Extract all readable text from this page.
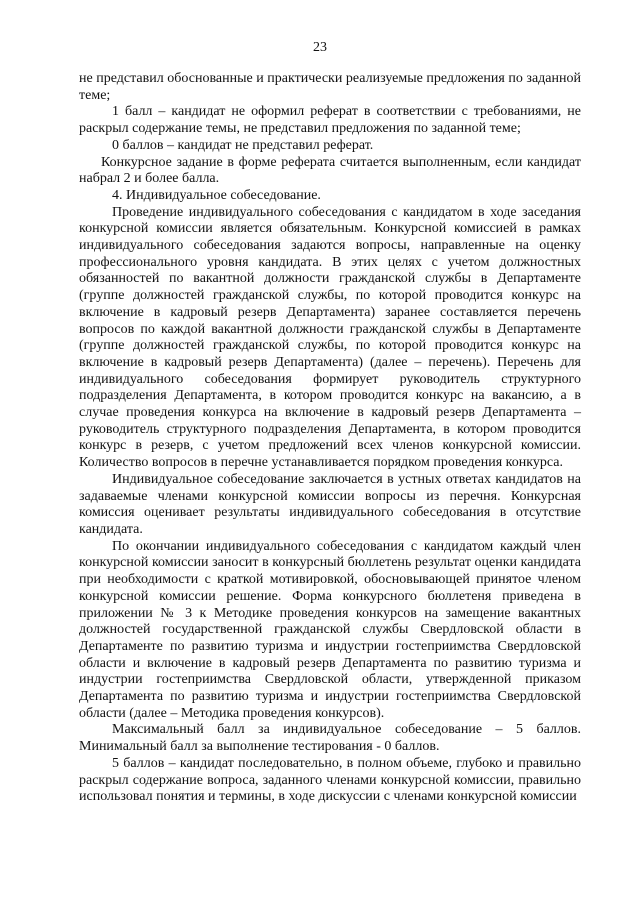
23

не представил обоснованные и практически реализуемые предложения по заданной теме;

1 балл – кандидат не оформил реферат в соответствии с требованиями, не раскрыл содержание темы, не представил предложения по заданной теме;

0 баллов – кандидат не представил реферат.

Конкурсное задание в форме реферата считается выполненным, если кандидат набрал 2 и более балла.

4. Индивидуальное собеседование.

Проведение индивидуального собеседования с кандидатом в ходе заседания конкурсной комиссии является обязательным. Конкурсной комиссией в рамках индивидуального собеседования задаются вопросы, направленные на оценку профессионального уровня кандидата. В этих целях с учетом должностных обязанностей по вакантной должности гражданской службы в Департаменте (группе должностей гражданской службы, по которой проводится конкурс на включение в кадровый резерв Департамента) заранее составляется перечень вопросов по каждой вакантной должности гражданской службы в Департаменте (группе должностей гражданской службы, по которой проводится конкурс на включение в кадровый резерв Департамента) (далее – перечень). Перечень для индивидуального собеседования формирует руководитель структурного подразделения Департамента, в котором проводится конкурс на вакансию, а в случае проведения конкурса на включение в кадровый резерв Департамента – руководитель структурного подразделения Департамента, в котором проводится конкурс в резерв, с учетом предложений всех членов конкурсной комиссии. Количество вопросов в перечне устанавливается порядком проведения конкурса.

Индивидуальное собеседование заключается в устных ответах кандидатов на задаваемые членами конкурсной комиссии вопросы из перечня. Конкурсная комиссия оценивает результаты индивидуального собеседования в отсутствие кандидата.

По окончании индивидуального собеседования с кандидатом каждый член конкурсной комиссии заносит в конкурсный бюллетень результат оценки кандидата при необходимости с краткой мотивировкой, обосновывающей принятое членом конкурсной комиссии решение. Форма конкурсного бюллетеня приведена в приложении № 3 к Методике проведения конкурсов на замещение вакантных должностей государственной гражданской службы Свердловской области в Департаменте по развитию туризма и индустрии гостеприимства Свердловской области и включение в кадровый резерв Департамента по развитию туризма и индустрии гостеприимства Свердловской области, утвержденной приказом Департамента по развитию туризма и индустрии гостеприимства Свердловской области (далее – Методика проведения конкурсов).

Максимальный балл за индивидуальное собеседование – 5 баллов. Минимальный балл за выполнение тестирования - 0 баллов.

5 баллов – кандидат последовательно, в полном объеме, глубоко и правильно раскрыл содержание вопроса, заданного членами конкурсной комиссии, правильно использовал понятия и термины, в ходе дискуссии с членами конкурсной комиссии
